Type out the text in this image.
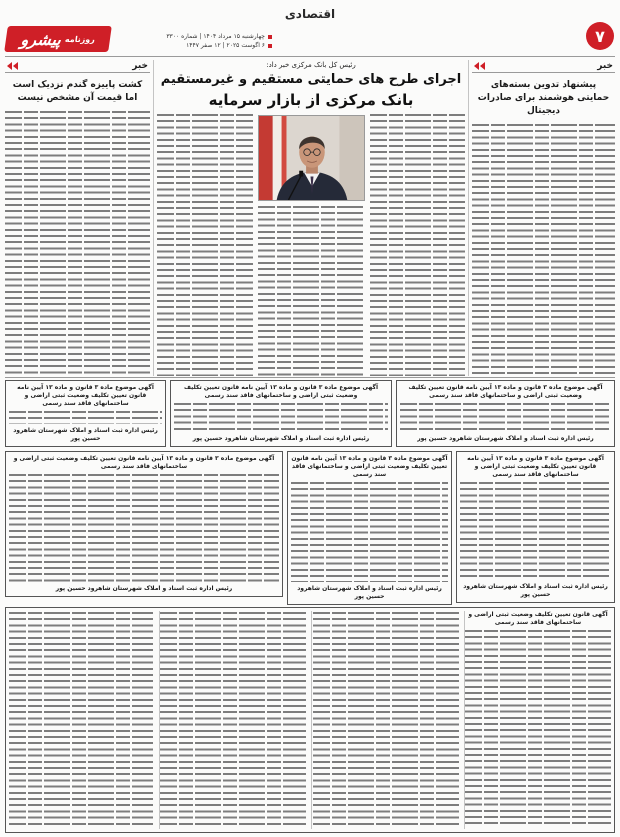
اقتصادی
۷
روزنامه
پیشرو	چهارشنبه ۱۵ مرداد ۱۴۰۴ | شماره ۳۳۰۰
۶ اگوست ۲۰۲۵ | ۱۲ صفر ۱۴۴۷
خبر
پیشنهاد تدوین بسته‌های حمایتی هوشمند برای صادرات دیجیتال
رئیس کل بانک مرکزی خبر داد:
اجرای طرح های حمایتی مستقیم و غیرمستقیم
بانک مرکزی از بازار سرمایه
خبر
کشت پاییزه گندم نزدیک است اما قیمت آن مشخص نیست
آگهی موضوع ماده ۳ قانون و ماده ۱۳ آیین نامه قانون تعیین تکلیف وضعیت ثبتی اراضی و ساختمانهای فاقد سند رسمی
رئیس اداره ثبت اسناد و املاک شهرستان شاهرود حسین پور
آگهی موضوع ماده ۳ قانون و ماده ۱۳ آیین نامه قانون تعیین تکلیف وضعیت ثبتی اراضی و ساختمانهای فاقد سند رسمی
رئیس اداره ثبت اسناد و املاک شهرستان شاهرود حسین پور
آگهی موضوع ماده ۳ قانون و ماده ۱۳ آیین نامه قانون تعیین تکلیف وضعیت ثبتی اراضی و ساختمانهای فاقد سند رسمی
رئیس اداره ثبت اسناد و املاک شهرستان شاهرود حسین پور
آگهی موضوع ماده ۳ قانون و ماده ۱۳ آیین نامه قانون تعیین تکلیف وضعیت ثبتی اراضی و ساختمانهای فاقد سند رسمی
رئیس اداره ثبت اسناد و املاک شهرستان شاهرود حسین پور
آگهی موضوع ماده ۳ قانون و ماده ۱۳ آیین نامه قانون تعیین تکلیف وضعیت ثبتی اراضی و ساختمانهای فاقد سند رسمی
رئیس اداره ثبت اسناد و املاک شهرستان شاهرود حسین پور
آگهی موضوع ماده ۳ قانون و ماده ۱۳ آیین نامه قانون تعیین تکلیف وضعیت ثبتی اراضی و ساختمانهای فاقد سند رسمی
رئیس اداره ثبت اسناد و املاک شهرستان شاهرود حسین پور
آگهی قانون تعیین تکلیف وضعیت ثبتی اراضی و ساختمانهای فاقد سند رسمی
